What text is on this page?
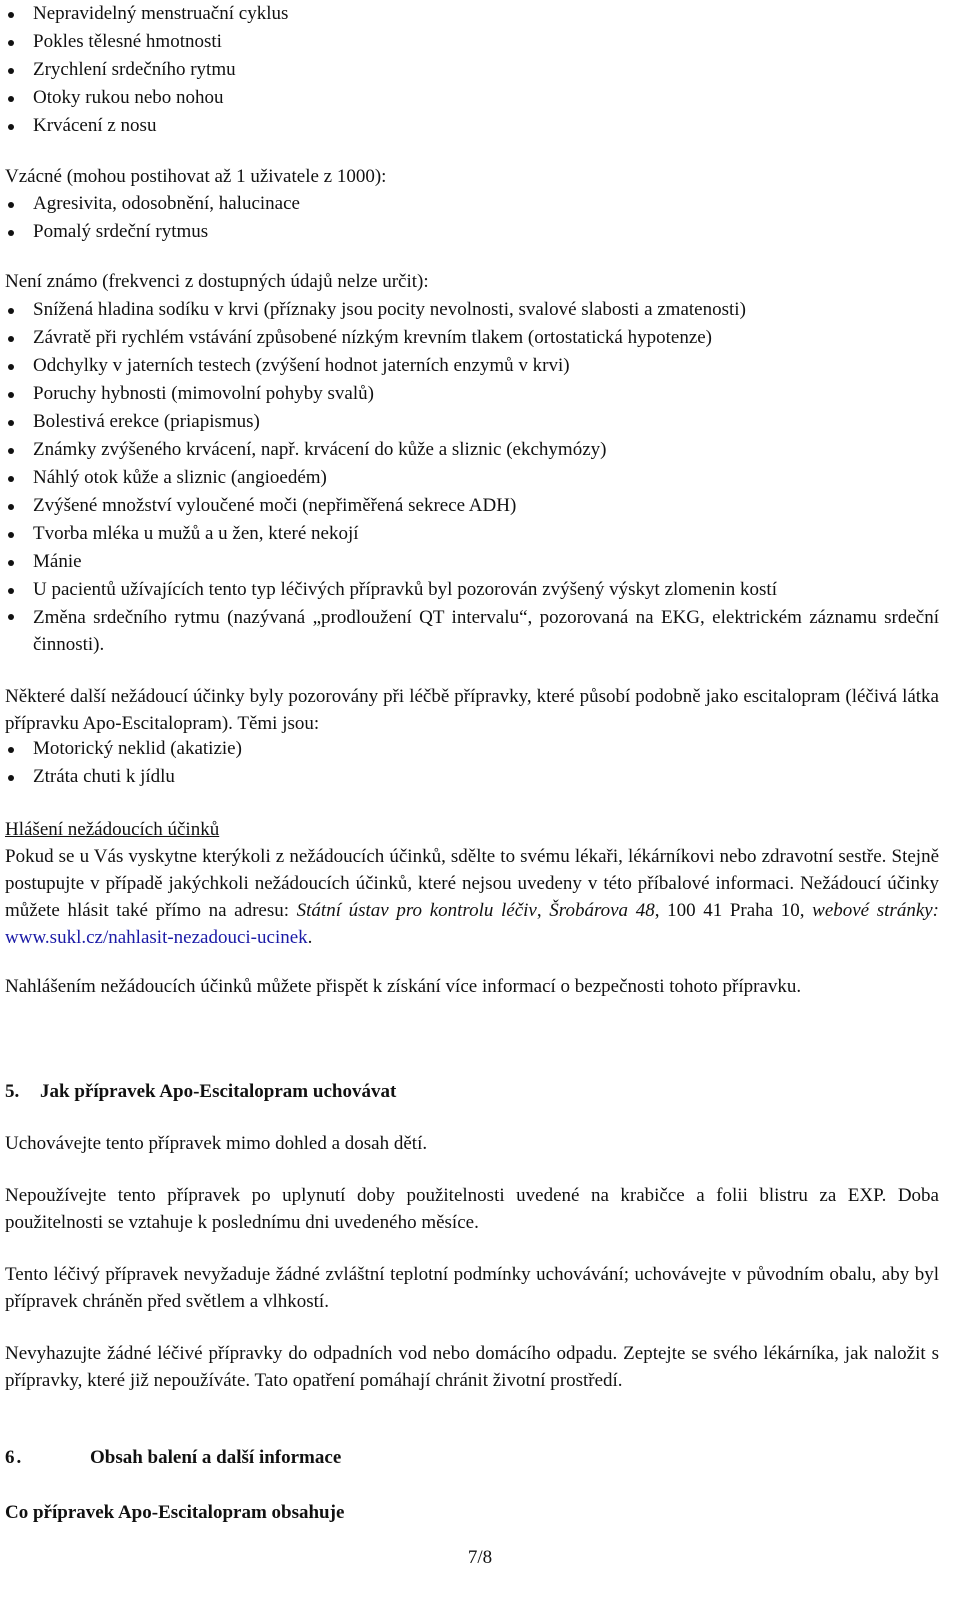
Nepravidelný menstruační cyklus
Pokles tělesné hmotnosti
Zrychlení srdečního rytmu
Otoky rukou nebo nohou
Krvácení z nosu
Vzácné (mohou postihovat až 1 uživatele z 1000):
Agresivita, odosobnění, halucinace
Pomalý srdeční rytmus
Není známo (frekvenci z dostupných údajů nelze určit):
Snížená hladina sodíku v krvi (příznaky jsou pocity nevolnosti, svalové slabosti a zmatenosti)
Závratě při rychlém vstávání způsobené nízkým krevním tlakem (ortostatická hypotenze)
Odchylky v jaterních testech (zvýšení hodnot jaterních enzymů v krvi)
Poruchy hybnosti (mimovolní pohyby svalů)
Bolestivá erekce (priapismus)
Známky zvýšeného krvácení, např. krvácení do kůže a sliznic (ekchymózy)
Náhlý otok kůže a sliznic (angioedém)
Zvýšené množství vyloučené moči (nepřiměřená sekrece ADH)
Tvorba mléka u mužů a u žen, které nekojí
Mánie
U pacientů užívajících tento typ léčivých přípravků byl pozorován zvýšený výskyt zlomenin kostí
Změna srdečního rytmu (nazývaná „prodloužení QT intervalu“, pozorovaná na EKG, elektrickém záznamu srdeční činnosti).
Některé další nežádoucí účinky byly pozorovány při léčbě přípravky, které působí podobně jako escitalopram (léčivá látka přípravku Apo-Escitalopram). Těmi jsou:
Motorický neklid (akatizie)
Ztráta chuti k jídlu
Hlášení nežádoucích účinků
Pokud se u Vás vyskytne kterýkoli z nežádoucích účinků, sdělte to svému lékaři, lékárníkovi nebo zdravotní sestře. Stejně postupujte v případě jakýchkoli nežádoucích účinků, které nejsou uvedeny v této příbalové informaci. Nežádoucí účinky můžete hlásit také přímo na adresu: Státní ústav pro kontrolu léčiv, Šrobárova 48, 100 41 Praha 10, webové stránky: www.sukl.cz/nahlasit-nezadouci-ucinek.
Nahlášením nežádoucích účinků můžete přispět k získání více informací o bezpečnosti tohoto přípravku.
5. Jak přípravek Apo-Escitalopram uchovávat
Uchovávejte tento přípravek mimo dohled a dosah dětí.
Nepoužívejte tento přípravek po uplynutí doby použitelnosti uvedené na krabičce a folii blistru za EXP. Doba použitelnosti se vztahuje k poslednímu dni uvedeného měsíce.
Tento léčivý přípravek nevyžaduje žádné zvláštní teplotní podmínky uchovávání; uchovávejte v původním obalu, aby byl přípravek chráněn před světlem a vlhkostí.
Nevyhazujte žádné léčivé přípravky do odpadních vod nebo domácího odpadu. Zeptejte se svého lékárníka, jak naložit s přípravky, které již nepoužíváte. Tato opatření pomáhají chránit životní prostředí.
6.	Obsah balení a další informace
Co přípravek Apo-Escitalopram obsahuje
7/8
